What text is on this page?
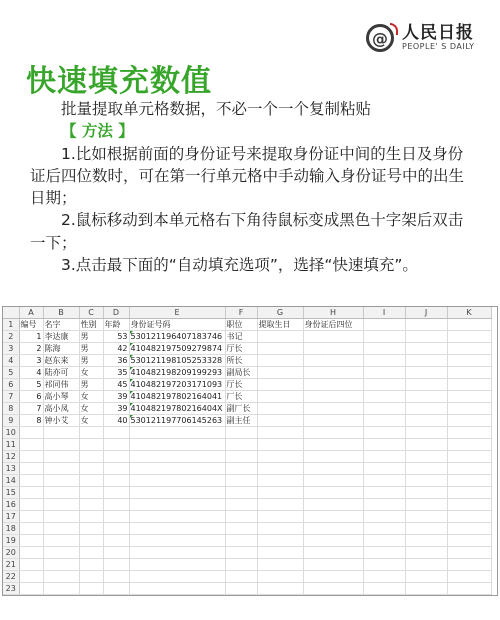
@ 人民日报
PEOPLE' S DAILY
快速填充数值

批量提取单元格数据，不必一个一个复制粘贴

【 方法 】

1.比如根据前面的身份证号来提取身份证中间的生日及身份证后四位数时，可在第一行单元格中手动输入身份证号中的出生日期；

2.鼠标移动到本单元格右下角待鼠标变成黑色十字架后双击一下；

3.点击最下面的“自动填充选项”，选择“快速填充”。

	A	B	C	D	E	F	G	H	I	J	K
1	编号	名字	性别	年龄	身份证号码	职位	提取生日	身份证后四位			
2	1	李达康	男	53	530121196407183746	书记					
3	2	陈海	男	42	410482197509279874	厅长					
4	3	赵东来	男	36	530121198105253328	所长					
5	4	陆亦可	女	35	410482198209199293	副局长					
6	5	祁同伟	男	45	410482197203171093	厅长					
7	6	高小琴	女	39	410482197802164041	厂长					
8	7	高小凤	女	39	41048219780216404X	副厂长					
9	8	钟小艾	女	40	530121197706145263	副主任					
10											
11											
12											
13											
14											
15											
16											
17											
18											
19											
20											
21											
22											
23											
